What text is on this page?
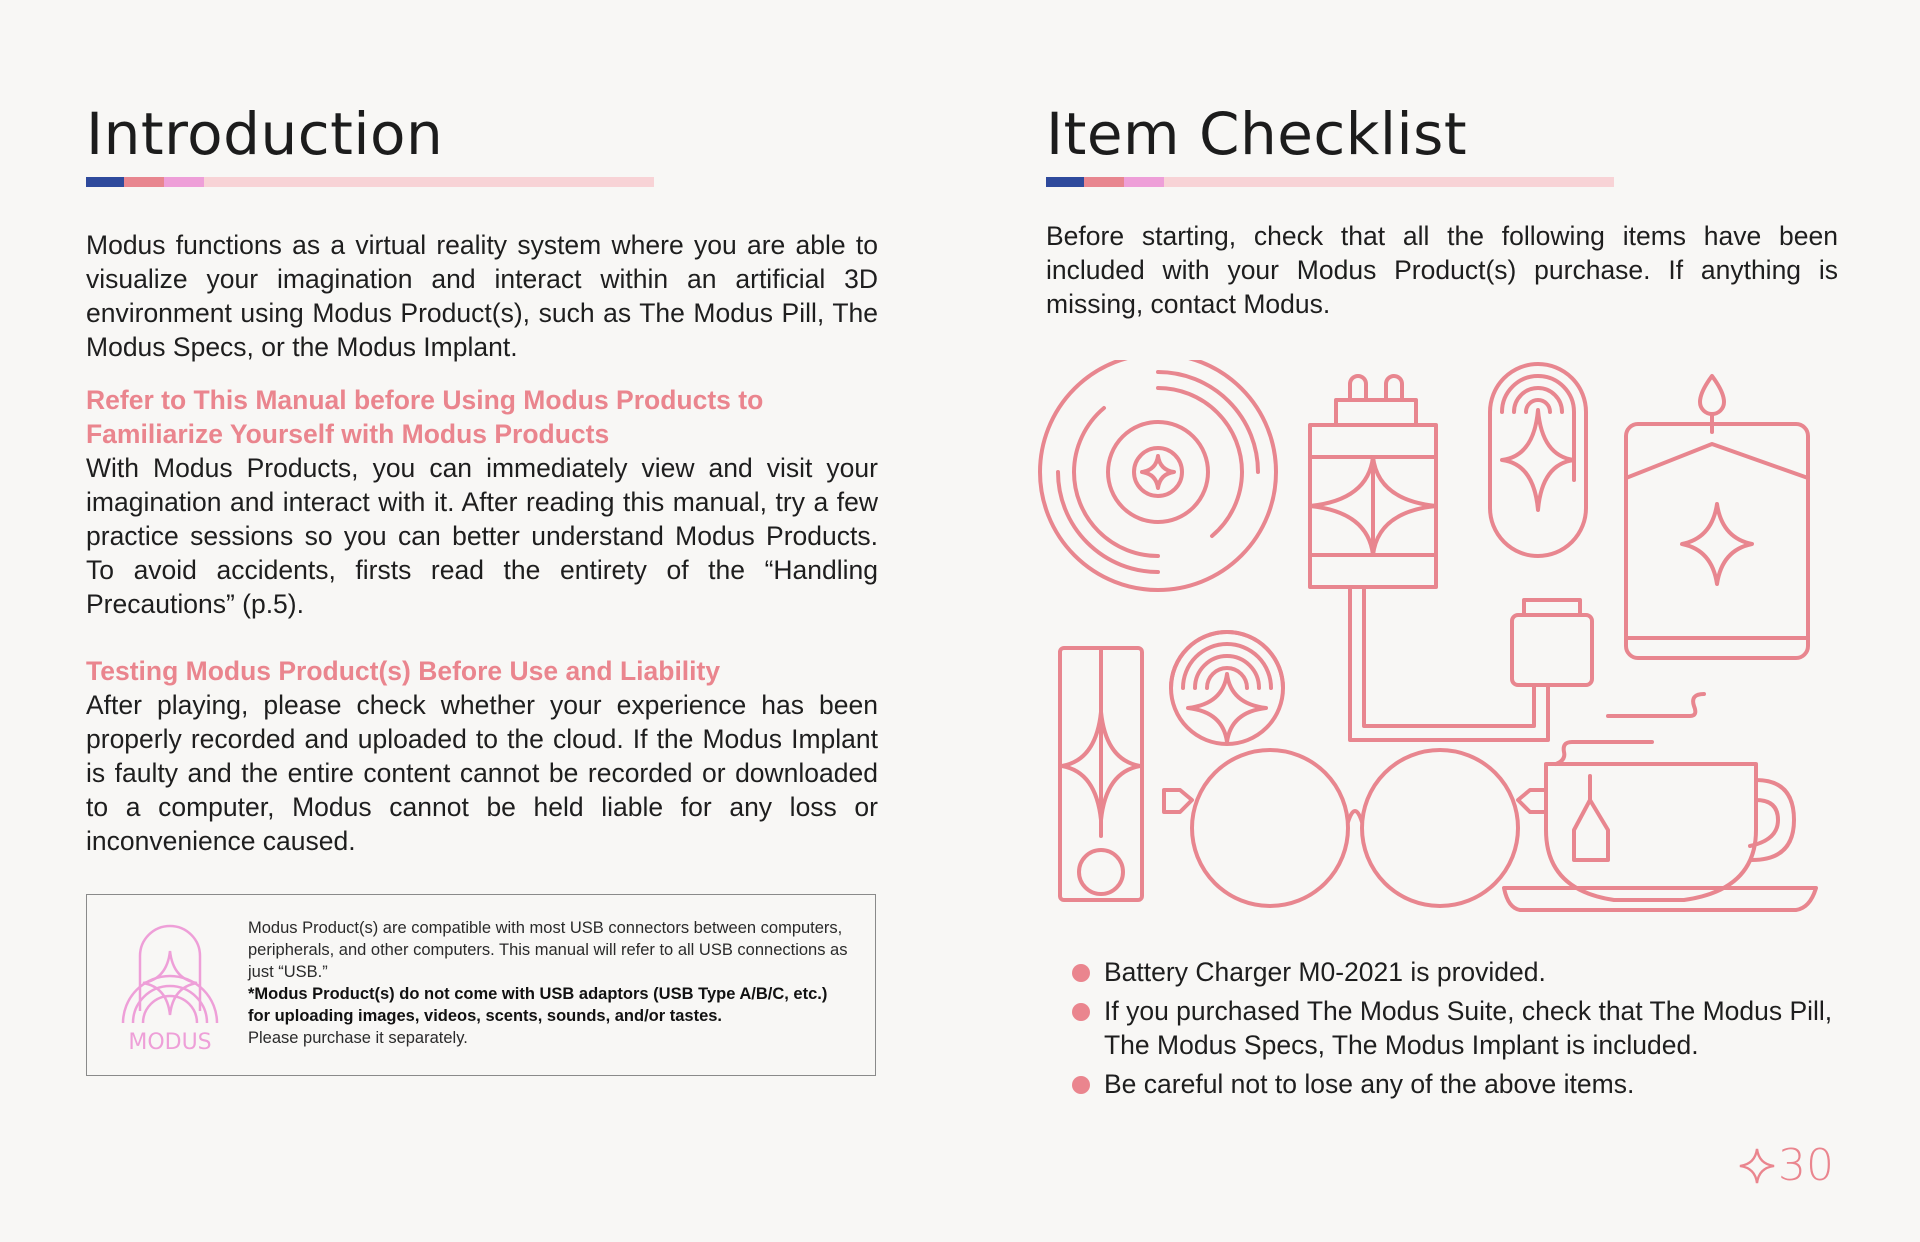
Introduction

Modus functions as a virtual reality system where you are able to visualize your imagination and interact within an artificial 3D environment using Modus Product(s), such as The Modus Pill, The Modus Specs, or the Modus Implant.

Refer to This Manual before Using Modus Products to Familiarize Yourself with Modus Products

With Modus Products, you can immediately view and visit your imagination and interact with it. After reading this manual, try a few practice sessions so you can better understand Modus Products. To avoid accidents, firsts read the entirety of the “Handling Precautions” (p.5).

Testing Modus Product(s) Before Use and Liability

After playing, please check whether your experience has been properly recorded and uploaded to the cloud. If the Modus Implant is faulty and the entire content cannot be recorded or downloaded to a computer, Modus cannot be held liable for any loss or inconvenience caused.

MODUS
Modus Product(s) are compatible with most USB connectors between computers, peripherals, and other computers. This manual will refer to all USB connections as just “USB.”
*Modus Product(s) do not come with USB adaptors (USB Type A/B/C, etc.) for uploading images, videos, scents, sounds, and/or tastes.
Please purchase it separately.
Item Checklist

Before starting, check that all the following items have been included with your Modus Product(s) purchase. If anything is missing, contact Modus.

Battery Charger M0-2021 is provided.
If you purchased The Modus Suite, check that The Modus Pill, The Modus Specs, The Modus Implant is included.
Be careful not to lose any of the above items.
30
